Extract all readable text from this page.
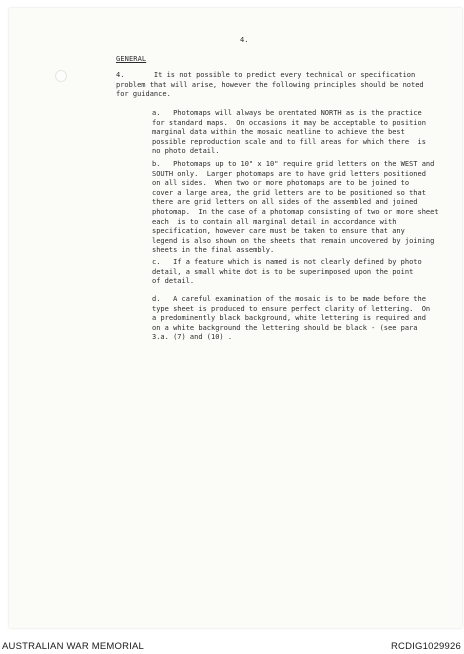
4.
GENERAL
4.       It is not possible to predict every technical or specification
problem that will arise, however the following principles should be noted
for guidance.
a.   Photomaps will always be orentated NORTH as is the practice
for standard maps.  On occasions it may be acceptable to position
marginal data within the mosaic neatline to achieve the best
possible reproduction scale and to fill areas for which there  is
no photo detail.
b.   Photomaps up to 10" x 10" require grid letters on the WEST and
SOUTH only.  Larger photomaps are to have grid letters positioned
on all sides.  When two or more photomaps are to be joined to
cover a large area, the grid letters are to be positioned so that
there are grid letters on all sides of the assembled and joined
photomap.  In the case of a photomap consisting of two or more sheet
each  is to contain all marginal detail in accordance with
specification, however care must be taken to ensure that any
legend is also shown on the sheets that remain uncovered by joining
sheets in the final assembly.
c.   If a feature which is named is not clearly defined by photo
detail, a small white dot is to be superimposed upon the point
of detail.
d.   A careful examination of the mosaic is to be made before the
type sheet is produced to ensure perfect clarity of lettering.  On
a predominently black background, white lettering is required and
on a white background the lettering should be black - (see para
3.a. (7) and (10) .
AUSTRALIAN WAR MEMORIAL	RCDIG1029926
